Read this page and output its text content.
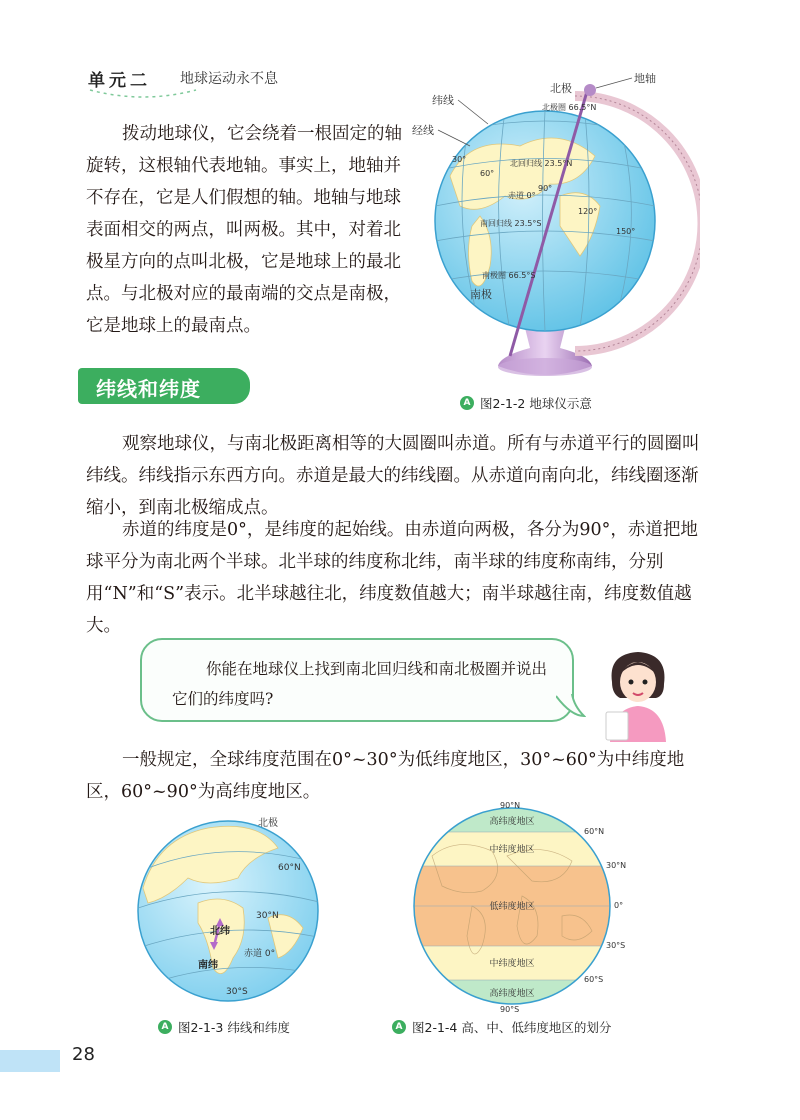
单元二 地球运动永不息

拨动地球仪，它会绕着一根固定的轴旋转，这根轴代表地轴。事实上，地轴并不存在，它是人们假想的轴。地轴与地球表面相交的两点，叫两极。其中，对着北极星方向的点叫北极，它是地球上的最北点。与北极对应的最南端的交点是南极，它是地球上的最南点。

地轴
北极
南极
纬线
经线
北极圈 66.5°N
北回归线 23.5°N
赤道 0°
南回归线 23.5°S
南极圈 66.5°S
30°
60°
90°
120°
150°
纬线和纬度
A 图2-1-2 地球仪示意

观察地球仪，与南北极距离相等的大圆圈叫赤道。所有与赤道平行的圆圈叫纬线。纬线指示东西方向。赤道是最大的纬线圈。从赤道向南向北，纬线圈逐渐缩小，到南北极缩成点。

赤道的纬度是0°，是纬度的起始线。由赤道向两极，各分为90°，赤道把地球平分为南北两个半球。北半球的纬度称北纬，南半球的纬度称南纬，分别用“N”和“S”表示。北半球越往北，纬度数值越大；南半球越往南，纬度数值越大。

你能在地球仪上找到南北回归线和南北极圈并说出它们的纬度吗?

一般规定，全球纬度范围在0°~30°为低纬度地区，30°~60°为中纬度地区，60°~90°为高纬度地区。

北极
60°N
30°N
赤道 0°
30°S
北纬
南纬
A 图2-1-3 纬线和纬度
90°N
60°N
30°N
0°
30°S
60°S
90°S
高纬度地区
中纬度地区
低纬度地区
中纬度地区
高纬度地区
A 图2-1-4 高、中、低纬度地区的划分
28
